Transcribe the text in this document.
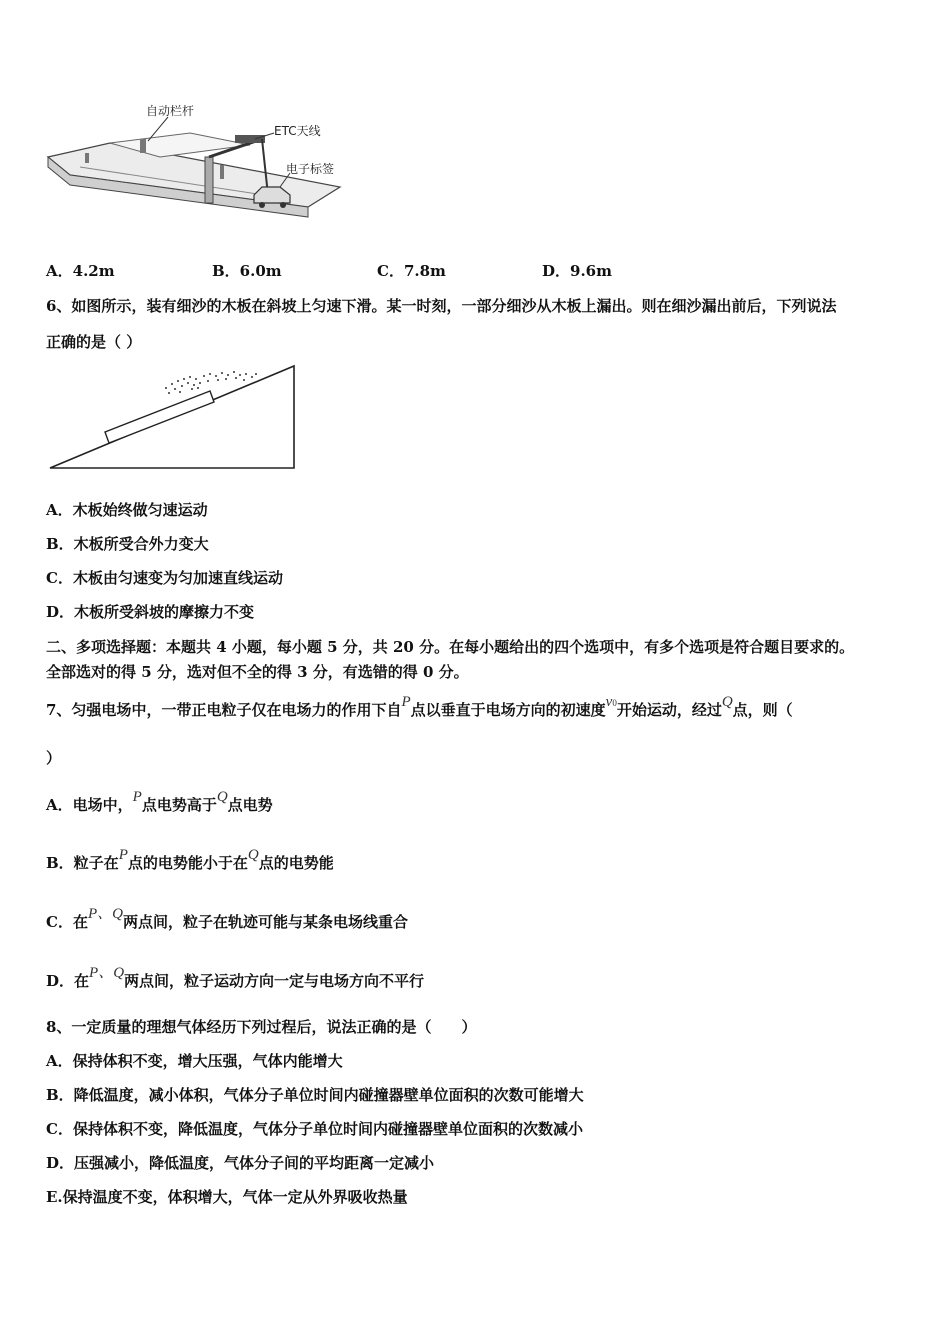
自动栏杆
ETC天线
电子标签
A．4.2m	B．6.0m	C．7.8m	D．9.6m
6、如图所示，装有细沙的木板在斜坡上匀速下滑。某一时刻，一部分细沙从木板上漏出。则在细沙漏出前后，下列说法
正确的是（ ）
A．木板始终做匀速运动
B．木板所受合外力变大
C．木板由匀速变为匀加速直线运动
D．木板所受斜坡的摩擦力不变
二、多项选择题：本题共 4 小题，每小题 5 分，共 20 分。在每小题给出的四个选项中，有多个选项是符合题目要求的。
全部选对的得 5 分，选对但不全的得 3 分，有选错的得 0 分。
7、匀强电场中，一带正电粒子仅在电场力的作用下自P点以垂直于电场方向的初速度v0开始运动，经过Q点，则（
）
A．电场中，P点电势高于Q点电势
B．粒子在P点的电势能小于在Q点的电势能
C．在P、Q两点间，粒子在轨迹可能与某条电场线重合
D．在P、Q两点间，粒子运动方向一定与电场方向不平行
8、一定质量的理想气体经历下列过程后，说法正确的是（　　）
A．保持体积不变，增大压强，气体内能增大
B．降低温度，减小体积，气体分子单位时间内碰撞器壁单位面积的次数可能增大
C．保持体积不变，降低温度，气体分子单位时间内碰撞器壁单位面积的次数减小
D．压强减小，降低温度，气体分子间的平均距离一定减小
E.保持温度不变，体积增大，气体一定从外界吸收热量
